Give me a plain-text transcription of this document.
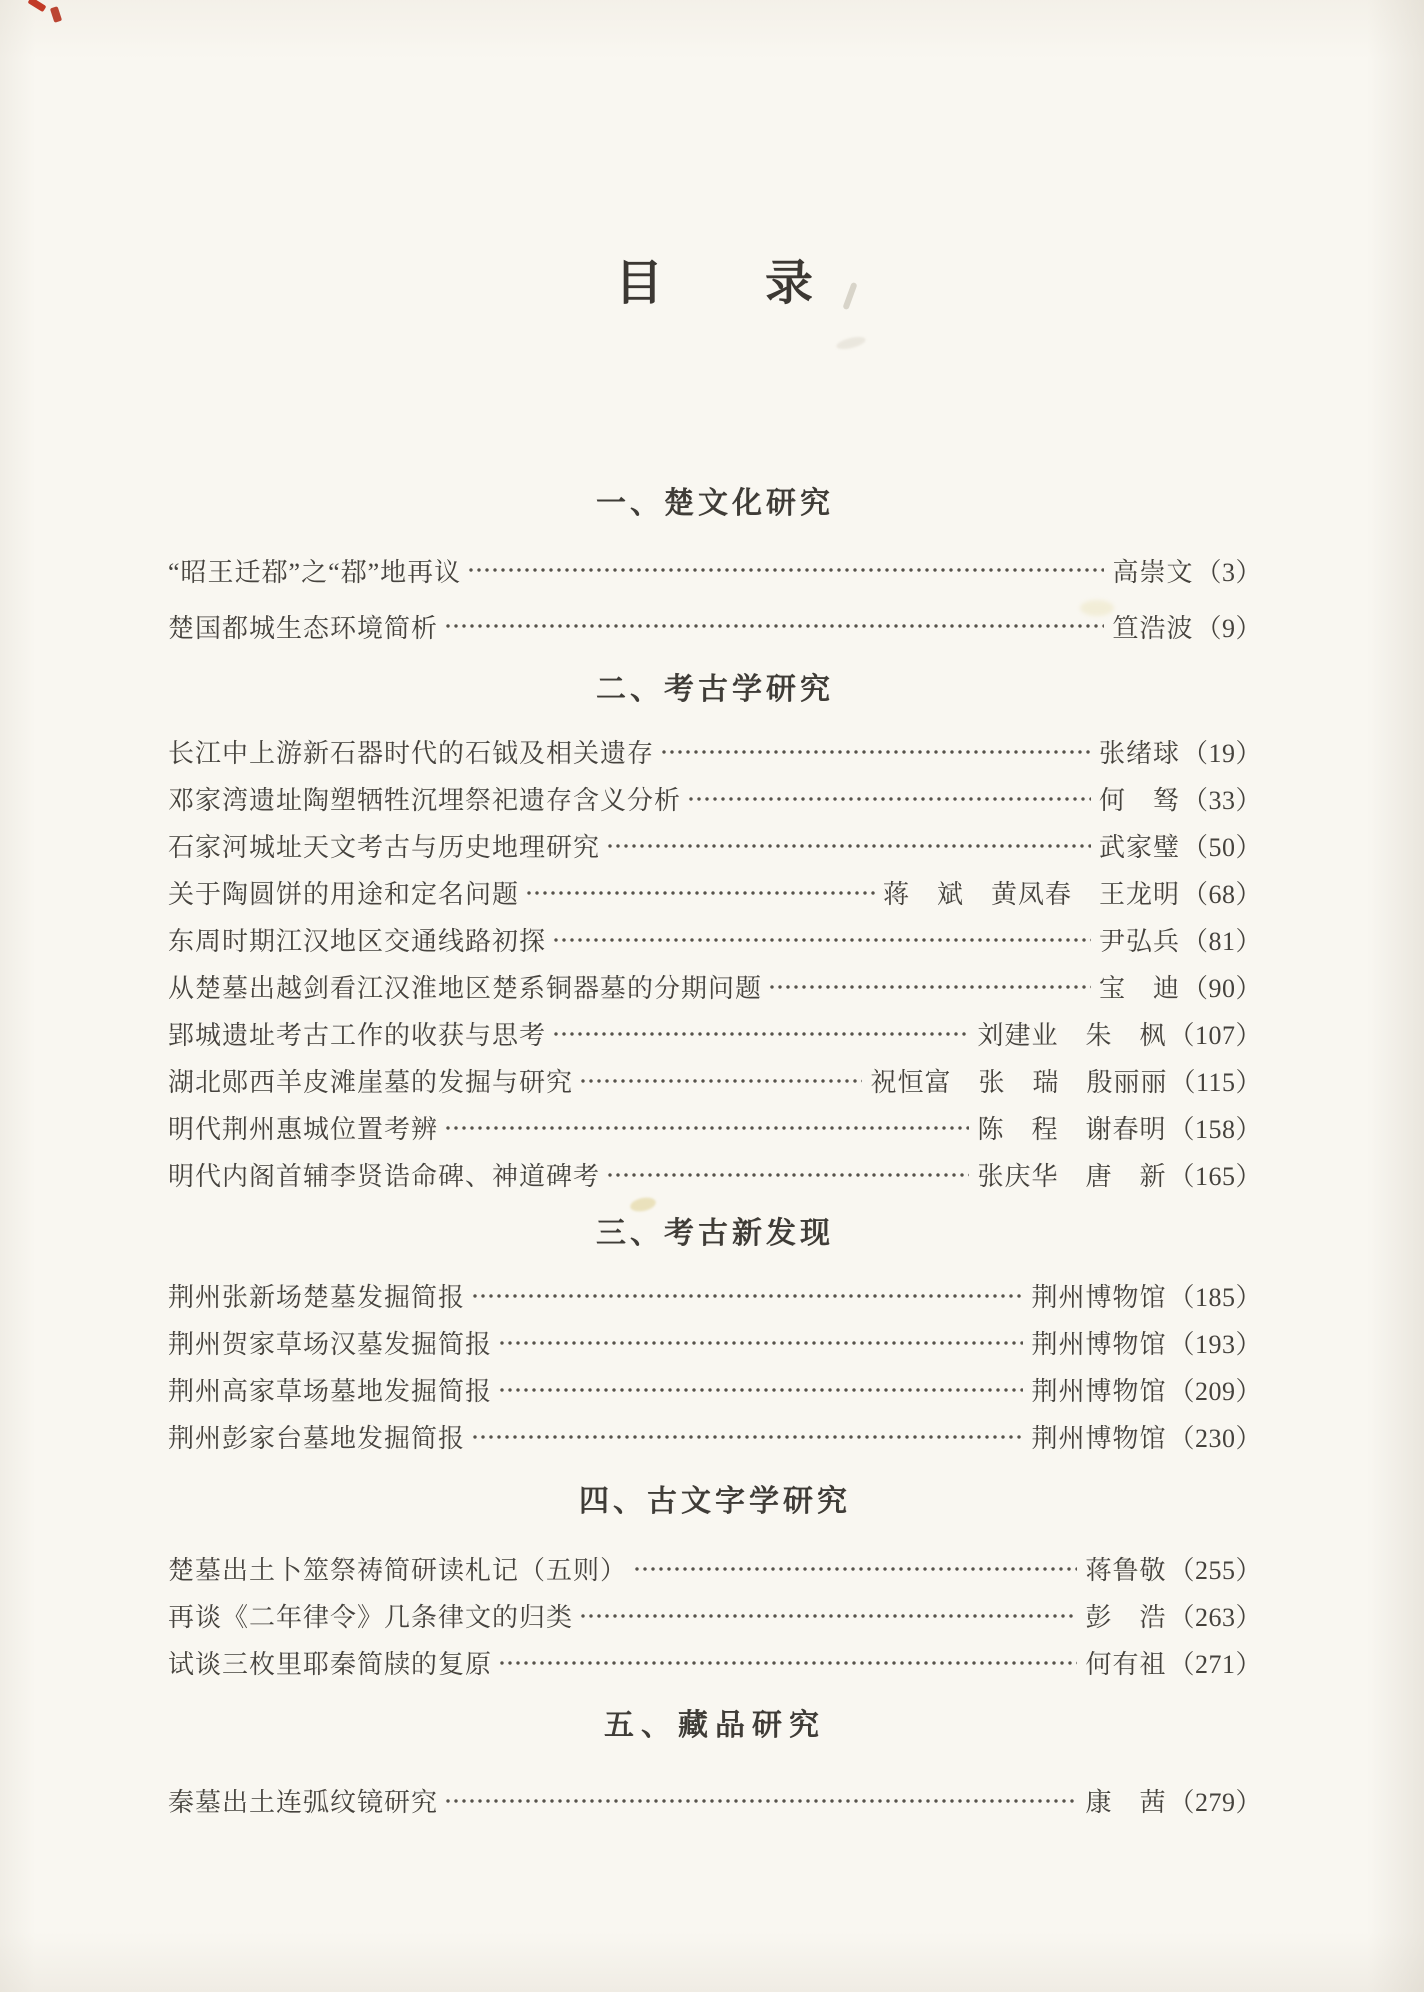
目　　录
一、楚文化研究
“昭王迁鄀”之“鄀”地再议	高崇文 （3）
楚国都城生态环境简析	笪浩波 （9）
二、考古学研究
长江中上游新石器时代的石钺及相关遗存	张绪球 （19）
邓家湾遗址陶塑牺牲沉埋祭祀遗存含义分析	何　驽 （33）
石家河城址天文考古与历史地理研究	武家璧 （50）
关于陶圆饼的用途和定名问题	蒋　斌　黄凤春　王龙明 （68）
东周时期江汉地区交通线路初探	尹弘兵 （81）
从楚墓出越剑看江汉淮地区楚系铜器墓的分期问题	宝　迪 （90）
郢城遗址考古工作的收获与思考	刘建业　朱　枫 （107）
湖北郧西羊皮滩崖墓的发掘与研究	祝恒富　张　瑞　殷丽丽 （115）
明代荆州惠城位置考辨	陈　程　谢春明 （158）
明代内阁首辅李贤诰命碑、神道碑考	张庆华　唐　新 （165）
三、考古新发现
荆州张新场楚墓发掘简报	荆州博物馆 （185）
荆州贺家草场汉墓发掘简报	荆州博物馆 （193）
荆州高家草场墓地发掘简报	荆州博物馆 （209）
荆州彭家台墓地发掘简报	荆州博物馆 （230）
四、古文字学研究
楚墓出土卜筮祭祷简研读札记（五则）	蒋鲁敬 （255）
再谈《二年律令》几条律文的归类	彭　浩 （263）
试谈三枚里耶秦简牍的复原	何有祖 （271）
五、藏品研究
秦墓出土连弧纹镜研究	康　茜 （279）
